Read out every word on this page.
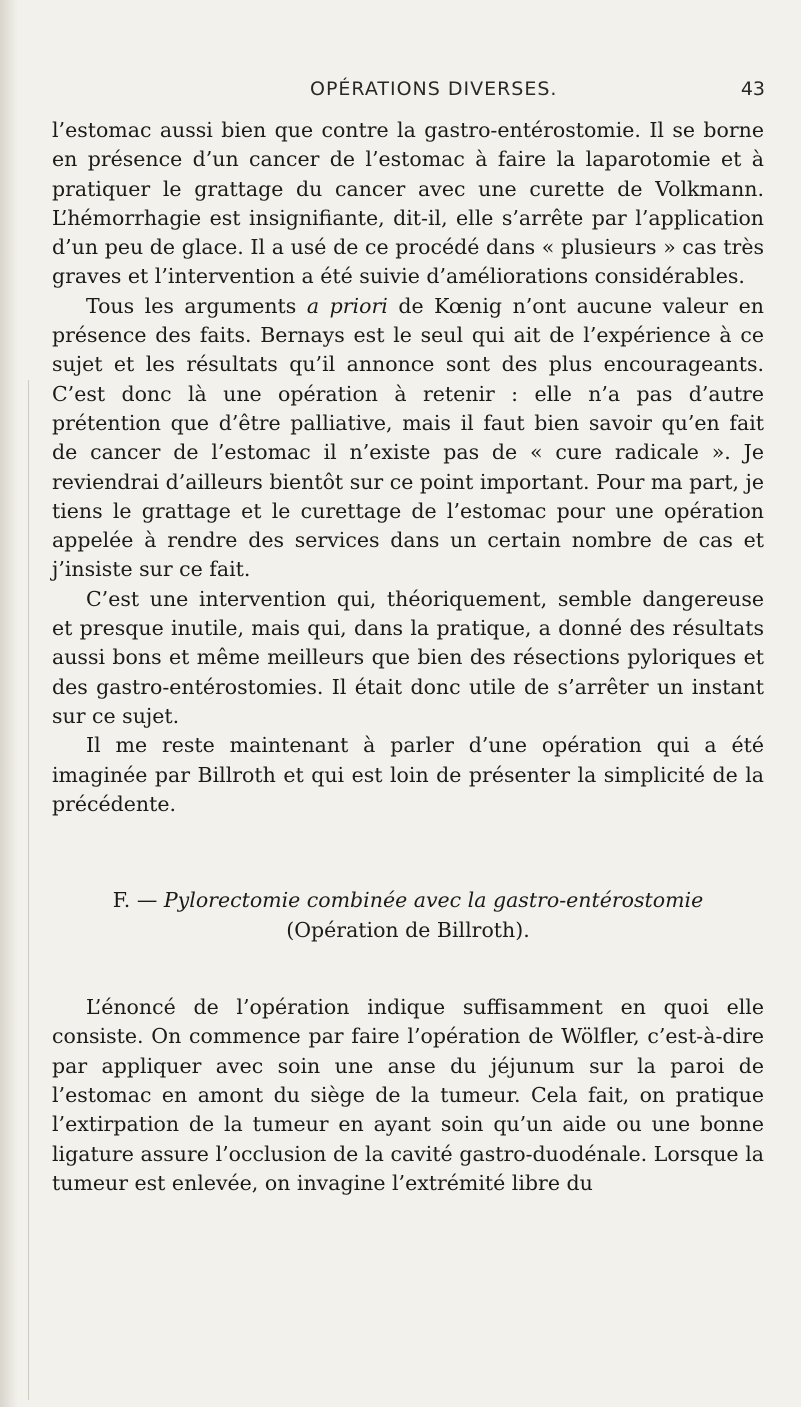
OPÉRATIONS DIVERSES.	43

l’estomac aussi bien que contre la gastro-entérostomie. Il se borne en présence d’un cancer de l’estomac à faire la laparotomie et à pratiquer le grattage du cancer avec une curette de Volkmann. L’hémorrhagie est insignifiante, dit-il, elle s’arrête par l’application d’un peu de glace. Il a usé de ce procédé dans « plusieurs » cas très graves et l’intervention a été suivie d’améliorations considérables.

Tous les arguments a priori de Kœnig n’ont aucune valeur en présence des faits. Bernays est le seul qui ait de l’expérience à ce sujet et les résultats qu’il annonce sont des plus encourageants. C’est donc là une opération à retenir : elle n’a pas d’autre prétention que d’être palliative, mais il faut bien savoir qu’en fait de cancer de l’estomac il n’existe pas de « cure radicale ». Je reviendrai d’ailleurs bientôt sur ce point important. Pour ma part, je tiens le grattage et le curettage de l’estomac pour une opération appelée à rendre des services dans un certain nombre de cas et j’insiste sur ce fait.

C’est une intervention qui, théoriquement, semble dangereuse et presque inutile, mais qui, dans la pratique, a donné des résultats aussi bons et même meilleurs que bien des résections pyloriques et des gastro-entérostomies. Il était donc utile de s’arrêter un instant sur ce sujet.

Il me reste maintenant à parler d’une opération qui a été imaginée par Billroth et qui est loin de présenter la simplicité de la précédente.

F. — Pylorectomie combinée avec la gastro-entérostomie

(Opération de Billroth).

L’énoncé de l’opération indique suffisamment en quoi elle consiste. On commence par faire l’opération de Wölfler, c’est-à-dire par appliquer avec soin une anse du jéjunum sur la paroi de l’estomac en amont du siège de la tumeur. Cela fait, on pratique l’extirpation de la tumeur en ayant soin qu’un aide ou une bonne ligature assure l’occlusion de la cavité gastro-duodénale. Lorsque la tumeur est enlevée, on invagine l’extrémité libre du
